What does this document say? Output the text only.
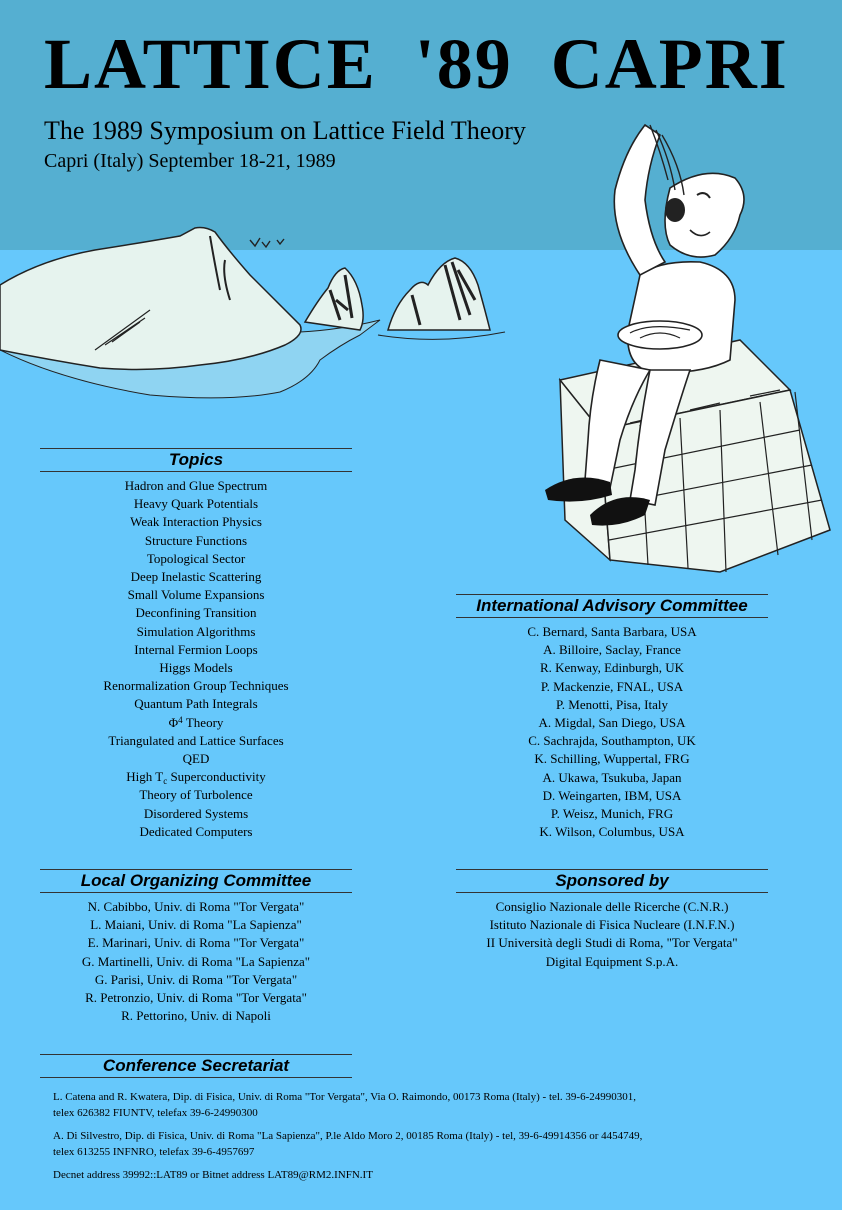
LATTICE '89 CAPRI
The 1989 Symposium on Lattice Field Theory
Capri (Italy) September 18-21, 1989
Topics
Hadron and Glue Spectrum
Heavy Quark Potentials
Weak Interaction Physics
Structure Functions
Topological Sector
Deep Inelastic Scattering
Small Volume Expansions
Deconfining Transition
Simulation Algorithms
Internal Fermion Loops
Higgs Models
Renormalization Group Techniques
Quantum Path Integrals
$\Phi^4$ Theory
Triangulated and Lattice Surfaces
QED
High $T_c$ Superconductivity
Theory of Turbolence
Disordered Systems
Dedicated Computers
International Advisory Committee
C. Bernard, Santa Barbara, USA
A. Billoire, Saclay, France
R. Kenway, Edinburgh, UK
P. Mackenzie, FNAL, USA
P. Menotti, Pisa, Italy
A. Migdal, San Diego, USA
C. Sachrajda, Southampton, UK
K. Schilling, Wuppertal, FRG
A. Ukawa, Tsukuba, Japan
D. Weingarten, IBM, USA
P. Weisz, Munich, FRG
K. Wilson, Columbus, USA
Local Organizing Committee
N. Cabibbo, Univ. di Roma "Tor Vergata"
L. Maiani, Univ. di Roma "La Sapienza"
E. Marinari, Univ. di Roma "Tor Vergata"
G. Martinelli, Univ. di Roma "La Sapienza"
G. Parisi, Univ. di Roma "Tor Vergata"
R. Petronzio, Univ. di Roma "Tor Vergata"
R. Pettorino, Univ. di Napoli
Sponsored by
Consiglio Nazionale delle Ricerche (C.N.R.)
Istituto Nazionale di Fisica Nucleare (I.N.F.N.)
II Università degli Studi di Roma, "Tor Vergata"
Digital Equipment S.p.A.
Conference Secretariat

L. Catena and R. Kwatera, Dip. di Fisica, Univ. di Roma "Tor Vergata", Via O. Raimondo, 00173 Roma (Italy) - tel. 39-6-24990301,
telex 626382 FIUNTV, telefax 39-6-24990300

A. Di Silvestro, Dip. di Fisica, Univ. di Roma "La Sapienza", P.le Aldo Moro 2, 00185 Roma (Italy) - tel, 39-6-49914356 or 4454749,
telex 613255 INFNRO, telefax 39-6-4957697

Decnet address 39992::LAT89 or Bitnet address LAT89@RM2.INFN.IT
